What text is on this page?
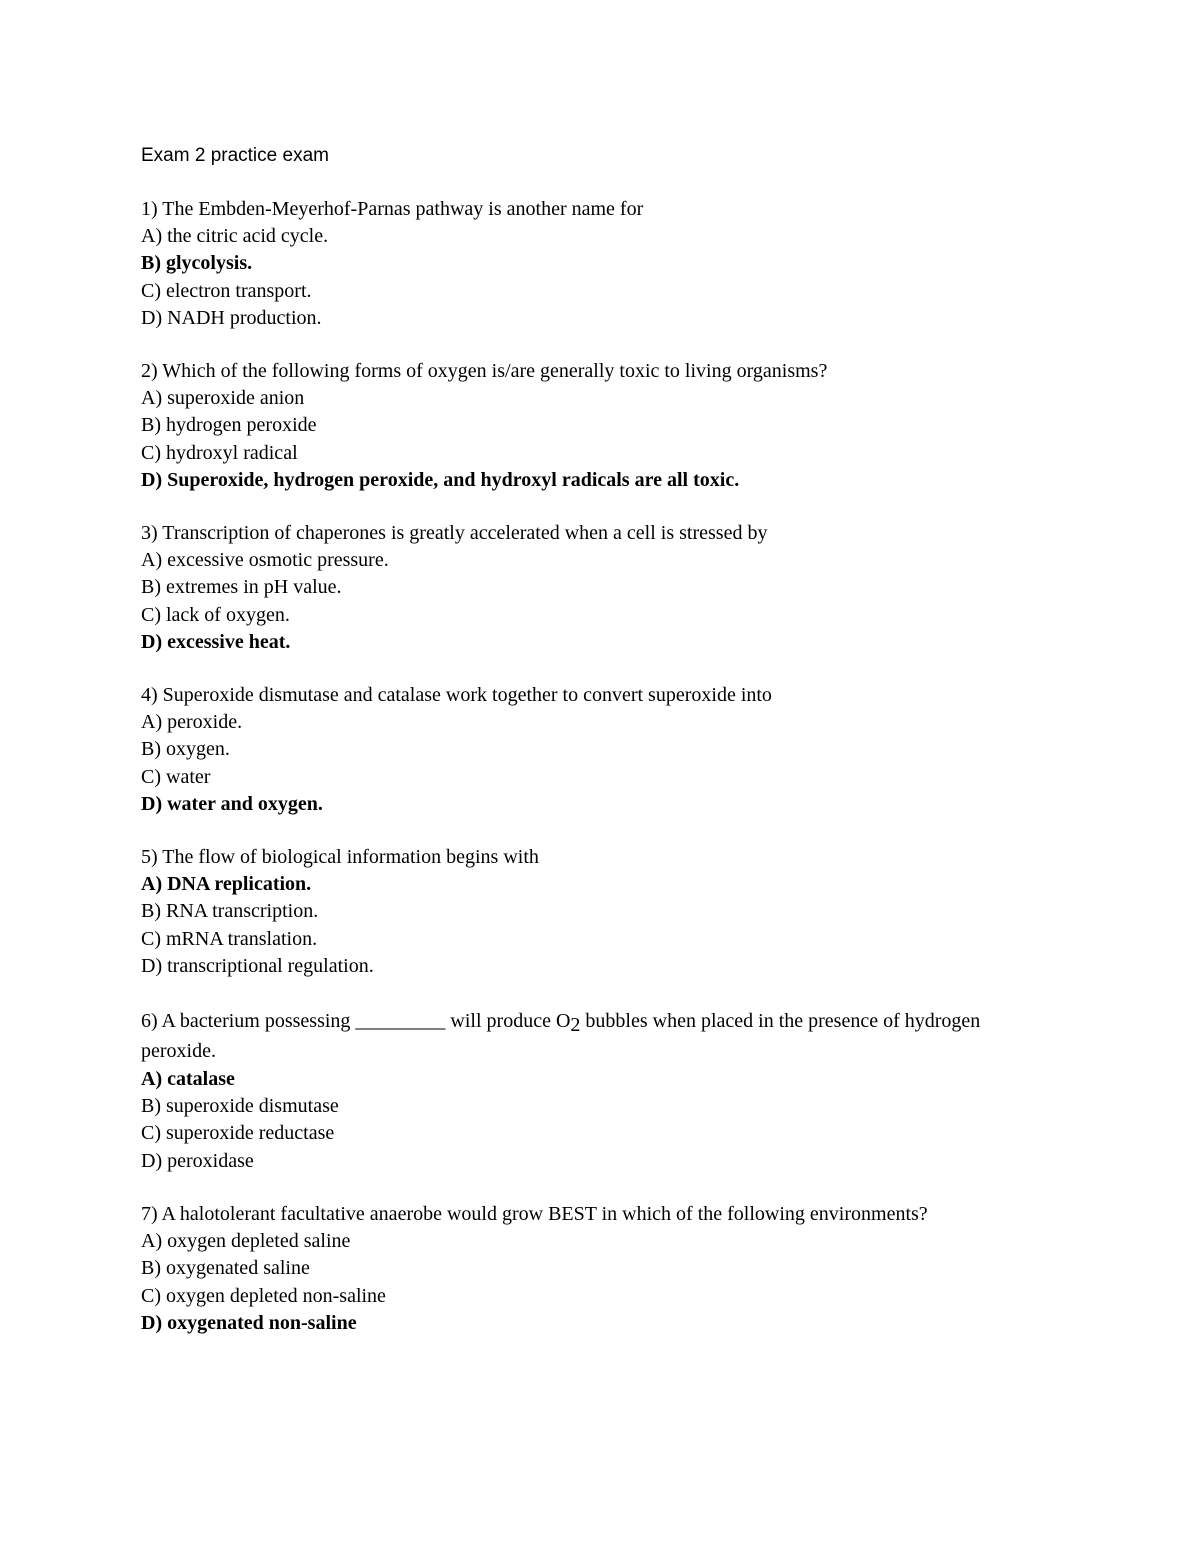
Exam 2 practice exam
1) The Embden-Meyerhof-Parnas pathway is another name for
A) the citric acid cycle.
B) glycolysis.
C) electron transport.
D) NADH production.
2) Which of the following forms of oxygen is/are generally toxic to living organisms?
A) superoxide anion
B) hydrogen peroxide
C) hydroxyl radical
D) Superoxide, hydrogen peroxide, and hydroxyl radicals are all toxic.
3) Transcription of chaperones is greatly accelerated when a cell is stressed by
A) excessive osmotic pressure.
B) extremes in pH value.
C) lack of oxygen.
D) excessive heat.
4) Superoxide dismutase and catalase work together to convert superoxide into
A) peroxide.
B) oxygen.
C) water
D) water and oxygen.
5) The flow of biological information begins with
A) DNA replication.
B) RNA transcription.
C) mRNA translation.
D) transcriptional regulation.
6) A bacterium possessing _________ will produce O2 bubbles when placed in the presence of hydrogen peroxide.
A) catalase
B) superoxide dismutase
C) superoxide reductase
D) peroxidase
7) A halotolerant facultative anaerobe would grow BEST in which of the following environments?
A) oxygen depleted saline
B) oxygenated saline
C) oxygen depleted non-saline
D) oxygenated non-saline
